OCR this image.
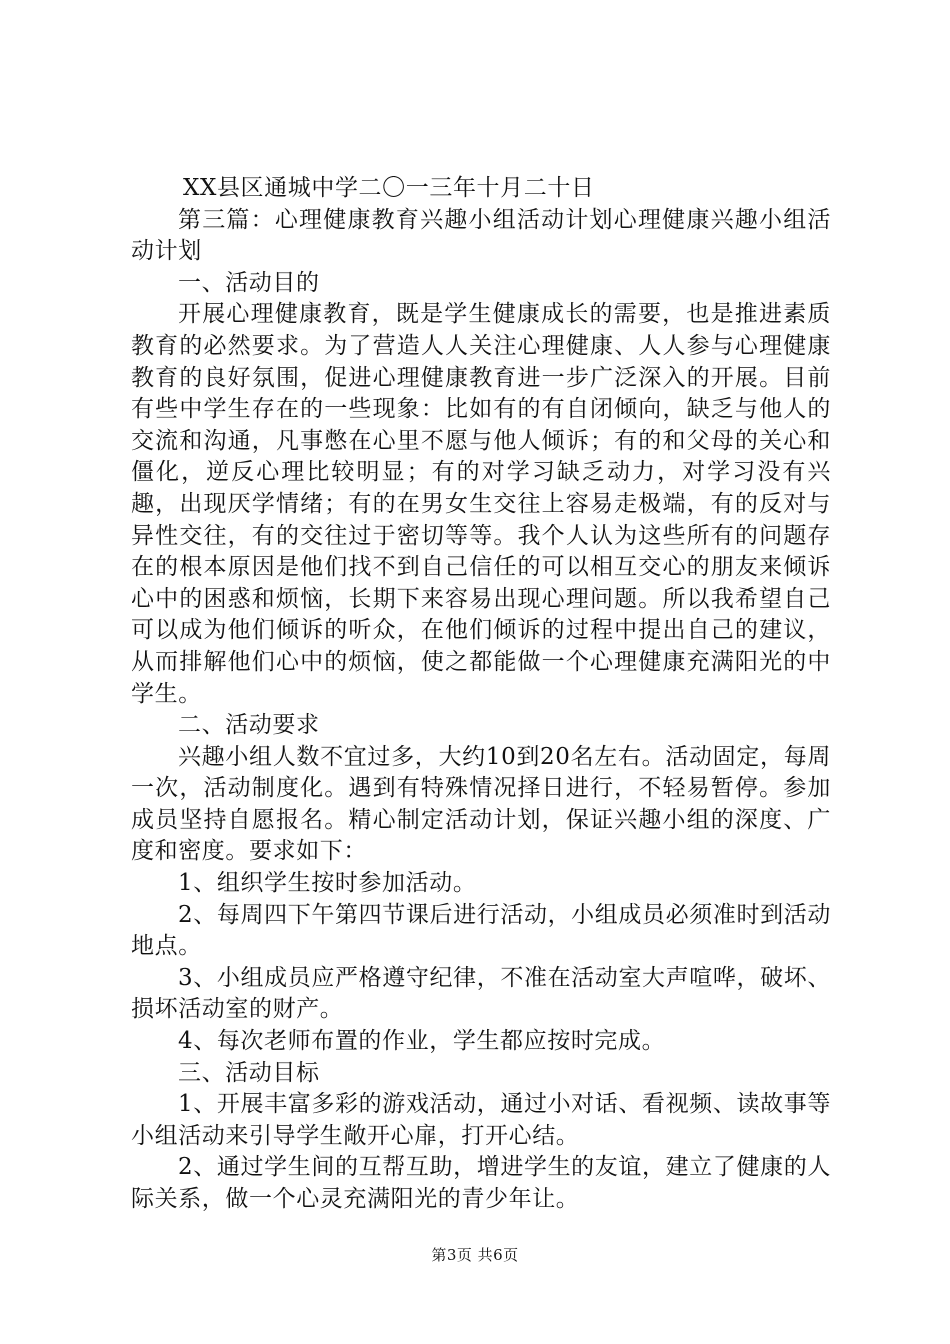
XX县区通城中学二〇一三年十月二十日

第三篇：心理健康教育兴趣小组活动计划心理健康兴趣小组活动计划

一、活动目的

开展心理健康教育，既是学生健康成长的需要，也是推进素质教育的必然要求。为了营造人人关注心理健康、人人参与心理健康教育的良好氛围，促进心理健康教育进一步广泛深入的开展。目前有些中学生存在的一些现象：比如有的有自闭倾向，缺乏与他人的交流和沟通，凡事憋在心里不愿与他人倾诉；有的和父母的关心和僵化，逆反心理比较明显；有的对学习缺乏动力，对学习没有兴趣，出现厌学情绪；有的在男女生交往上容易走极端，有的反对与异性交往，有的交往过于密切等等。我个人认为这些所有的问题存在的根本原因是他们找不到自己信任的可以相互交心的朋友来倾诉心中的困惑和烦恼，长期下来容易出现心理问题。所以我希望自己可以成为他们倾诉的听众，在他们倾诉的过程中提出自己的建议，从而排解他们心中的烦恼，使之都能做一个心理健康充满阳光的中学生。

二、活动要求

兴趣小组人数不宜过多，大约10到20名左右。活动固定，每周一次，活动制度化。遇到有特殊情况择日进行，不轻易暂停。参加成员坚持自愿报名。精心制定活动计划，保证兴趣小组的深度、广度和密度。要求如下：

1、组织学生按时参加活动。

2、每周四下午第四节课后进行活动，小组成员必须准时到活动地点。

3、小组成员应严格遵守纪律，不准在活动室大声喧哗，破坏、损坏活动室的财产。

4、每次老师布置的作业，学生都应按时完成。

三、活动目标

1、开展丰富多彩的游戏活动，通过小对话、看视频、读故事等小组活动来引导学生敞开心扉，打开心结。

2、通过学生间的互帮互助，增进学生的友谊，建立了健康的人际关系，做一个心灵充满阳光的青少年让。

第3页 共6页
